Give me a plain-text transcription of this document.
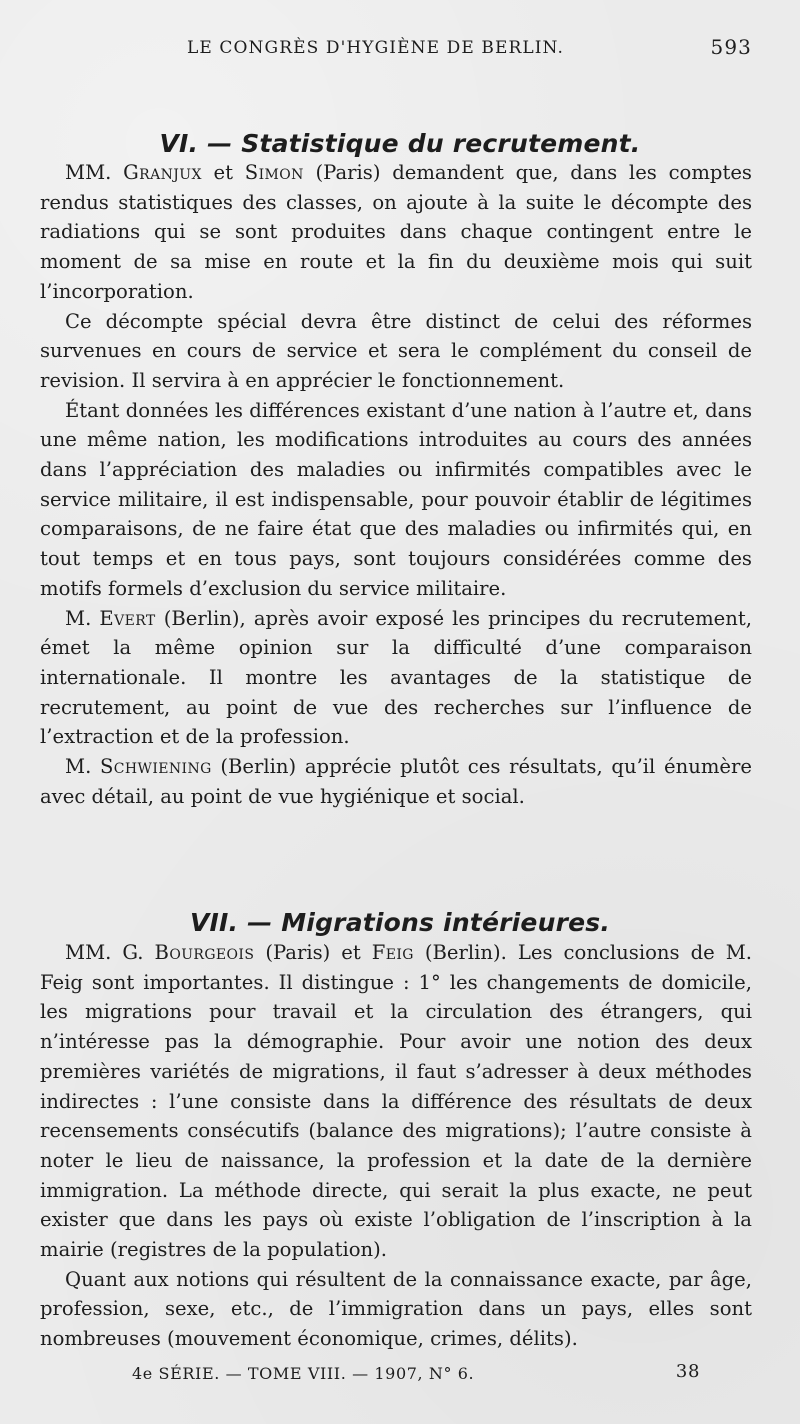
LE CONGRÈS D'HYGIÈNE DE BERLIN.	593
VI. — Statistique du recrutement.

MM. Granjux et Simon (Paris) demandent que, dans les comptes rendus statistiques des classes, on ajoute à la suite le décompte des radiations qui se sont produites dans chaque contingent entre le moment de sa mise en route et la fin du deuxième mois qui suit l’incorporation.

Ce décompte spécial devra être distinct de celui des réformes survenues en cours de service et sera le complément du conseil de revision. Il servira à en apprécier le fonctionnement.

Étant données les différences existant d’une nation à l’autre et, dans une même nation, les modifications introduites au cours des années dans l’appréciation des maladies ou infirmités compatibles avec le service militaire, il est indispensable, pour pouvoir établir de légitimes comparaisons, de ne faire état que des maladies ou infirmités qui, en tout temps et en tous pays, sont toujours considérées comme des motifs formels d’exclusion du service militaire.

M. Evert (Berlin), après avoir exposé les principes du recrutement, émet la même opinion sur la difficulté d’une comparaison internationale. Il montre les avantages de la statistique de recrutement, au point de vue des recherches sur l’influence de l’extraction et de la profession.

M. Schwiening (Berlin) apprécie plutôt ces résultats, qu’il énumère avec détail, au point de vue hygiénique et social.

VII. — Migrations intérieures.

MM. G. Bourgeois (Paris) et Feig (Berlin). Les conclusions de M. Feig sont importantes. Il distingue : 1° les changements de domicile, les migrations pour travail et la circulation des étrangers, qui n’intéresse pas la démographie. Pour avoir une notion des deux premières variétés de migrations, il faut s’adresser à deux méthodes indirectes : l’une consiste dans la différence des résultats de deux recensements consécutifs (balance des migrations); l’autre consiste à noter le lieu de naissance, la profession et la date de la dernière immigration. La méthode directe, qui serait la plus exacte, ne peut exister que dans les pays où existe l’obligation de l’inscription à la mairie (registres de la population).

Quant aux notions qui résultent de la connaissance exacte, par âge, profession, sexe, etc., de l’immigration dans un pays, elles sont nombreuses (mouvement économique, crimes, délits).

4e SÉRIE. — TOME VIII. — 1907, N° 6.	38
